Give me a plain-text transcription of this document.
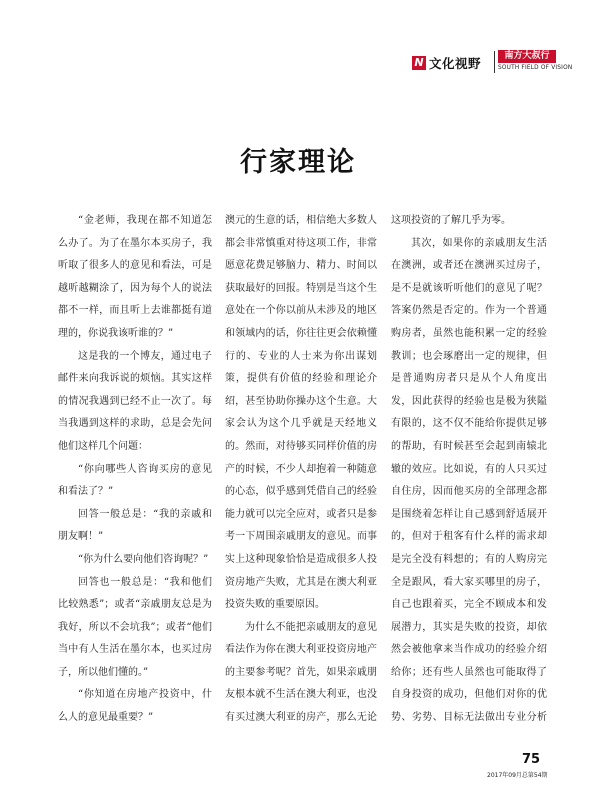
N 文化视野	南方大叔行
SOUTH FIELD OF VISION
行家理论

“金老师，我现在都不知道怎么办了。为了在墨尔本买房子，我听取了很多人的意见和看法，可是越听越糊涂了，因为每个人的说法都不一样，而且听上去谁都挺有道理的，你说我该听谁的？”

这是我的一个博友，通过电子邮件来向我诉说的烦恼。其实这样的情况我遇到已经不止一次了。每当我遇到这样的求助，总是会先问他们这样几个问题：

“你向哪些人咨询买房的意见和看法了？”

回答一般总是：“我的亲戚和朋友啊！”

“你为什么要向他们咨询呢？”

回答也一般总是：“我和他们比较熟悉”；或者“亲戚朋友总是为我好，所以不会坑我”；或者“他们当中有人生活在墨尔本，也买过房子，所以他们懂的。”

“你知道在房地产投资中，什么人的意见最重要？”

澳元的生意的话，相信绝大多数人都会非常慎重对待这项工作，非常愿意花费足够脑力、精力、时间以获取最好的回报。特别是当这个生意处在一个你以前从未涉及的地区和领域内的话，你往往更会依赖懂行的、专业的人士来为你出谋划策，提供有价值的经验和理论介绍，甚至协助你操办这个生意。大家会认为这个几乎就是天经地义的。然而，对待够买同样价值的房产的时候，不少人却抱着一种随意的心态，似乎感到凭借自己的经验能力就可以完全应对，或者只是参考一下周围亲戚朋友的意见。而事实上这种现象恰恰是造成很多人投资房地产失败，尤其是在澳大利亚投资失败的重要原因。

为什么不能把亲戚朋友的意见看法作为你在澳大利亚投资房地产的主要参考呢？首先，如果亲戚朋友根本就不生活在澳大利亚，也没有买过澳大利亚的房产，那么无论

这项投资的了解几乎为零。

其次，如果你的亲戚朋友生活在澳洲，或者还在澳洲买过房子，是不是就该听听他们的意见了呢？答案仍然是否定的。作为一个普通购房者，虽然也能积累一定的经验教训；也会琢磨出一定的规律，但是普通购房者只是从个人角度出发，因此获得的经验也是极为狭隘有限的，这不仅不能给你提供足够的帮助，有时候甚至会起到南辕北辙的效应。比如说，有的人只买过自住房，因而他买房的全部理念都是围绕着怎样让自己感到舒适展开的，但对于租客有什么样的需求却是完全没有料想的；有的人购房完全是跟风，看大家买哪里的房子，自己也跟着买，完全不顾成本和发展潜力，其实是失败的投资，却依然会被他拿来当作成功的经验介绍给你；还有些人虽然也可能取得了自身投资的成功，但他们对你的优势、劣势、目标无法做出专业分析

75
2017年09月总第54期
